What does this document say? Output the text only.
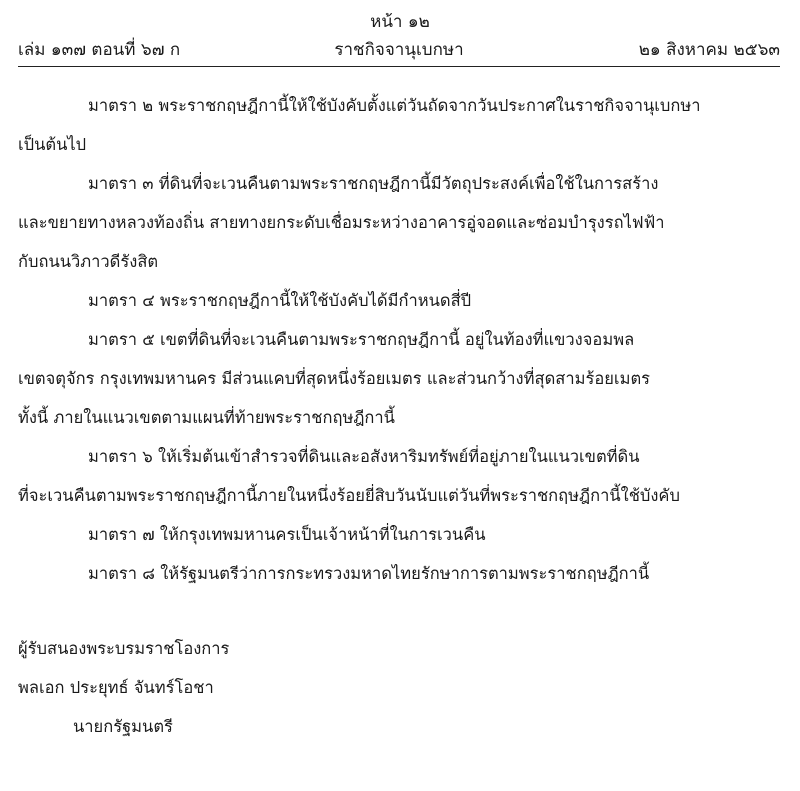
หน้า ๑๒
เล่ม ๑๓๗ ตอนที่ ๖๗ ก	ราชกิจจานุเบกษา	๒๑ สิงหาคม ๒๕๖๓

มาตรา ๒ พระราชกฤษฎีกานี้ให้ใช้บังคับตั้งแต่วันถัดจากวันประกาศในราชกิจจานุเบกษา
เป็นต้นไป

มาตรา ๓ ที่ดินที่จะเวนคืนตามพระราชกฤษฎีกานี้มีวัตถุประสงค์เพื่อใช้ในการสร้าง
และขยายทางหลวงท้องถิ่น สายทางยกระดับเชื่อมระหว่างอาคารอู่จอดและซ่อมบำรุงรถไฟฟ้า
กับถนนวิภาวดีรังสิต

มาตรา ๔ พระราชกฤษฎีกานี้ให้ใช้บังคับได้มีกำหนดสี่ปี

มาตรา ๕ เขตที่ดินที่จะเวนคืนตามพระราชกฤษฎีกานี้ อยู่ในท้องที่แขวงจอมพล
เขตจตุจักร กรุงเทพมหานคร มีส่วนแคบที่สุดหนึ่งร้อยเมตร และส่วนกว้างที่สุดสามร้อยเมตร
ทั้งนี้ ภายในแนวเขตตามแผนที่ท้ายพระราชกฤษฎีกานี้

มาตรา ๖ ให้เริ่มต้นเข้าสำรวจที่ดินและอสังหาริมทรัพย์ที่อยู่ภายในแนวเขตที่ดิน
ที่จะเวนคืนตามพระราชกฤษฎีกานี้ภายในหนึ่งร้อยยี่สิบวันนับแต่วันที่พระราชกฤษฎีกานี้ใช้บังคับ

มาตรา ๗ ให้กรุงเทพมหานครเป็นเจ้าหน้าที่ในการเวนคืน

มาตรา ๘ ให้รัฐมนตรีว่าการกระทรวงมหาดไทยรักษาการตามพระราชกฤษฎีกานี้

ผู้รับสนองพระบรมราชโองการ
พลเอก ประยุทธ์ จันทร์โอชา
นายกรัฐมนตรี
